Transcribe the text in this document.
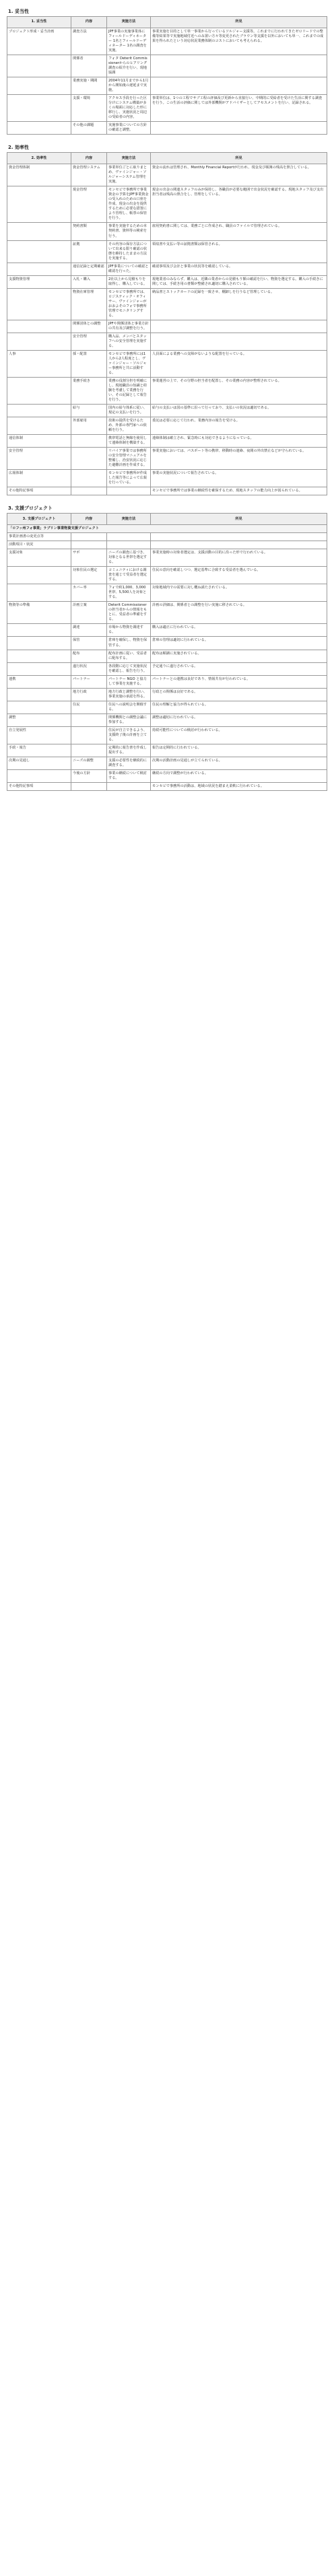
1. 妥当性
1. 妥当性	内容	実施方法	所見
プロジェクト形成・妥当計画	調査方法	JPF事業の実施事業体に フィールドーディネーター 1名とフィールドーディネーター 1名の調査を実施。	事業実施を目的として単一事業から行っているソルジャー支援等。これまでに行われてきたゼロリードでの整備等結果等で実施地域付近へのみ置い方々等変更されたブラウン等支援を以外においても単一、これまでの成果を得られたという対応状況業務体制のコストにおいても考えられる。
	関係者	フォタ Deterit Commissionerからのヒアリング調査の紹介を行い、現地協調	
	業務実施・期間	2004年11月までから1月から開始後の遅延まで実施。	
	支援・環境	アクセス手段を行った区分けにシステム構築が多くの場面に対応した形に移行し、実施状況と周辺の受給者の内容。	事業単位は、1つの工程でサブ工程の評価及び更新から直接行い、中期的に受給者を受けた生活に関する調査を行う。この生活の評価に関しては外部機関がアドバイザーとしてアセスメントを行い、記録される。
	その他の課題	実施事業についての方針の確認と調整。	
2. 効率性
2. 効率性	内容	実施方法	所見
資金管理体制	資金管理システム	事業単位ごとに取りまとめ、ヴァインジャー・ソルジャーシステム管理を実施。	資金の流れは管理され、Monthly Financial Reportが行われ、現金及び帳簿の残高を照合している。
	現金管理	モンセビで事務所で事業資金の予算をJPF事業資金の受入れのための口座を作成、現金の出金を提供するために必要な措置により管理し、帳票の保管を行う。	現金の出金の関連スタッフのみが保持し、各職員が必要な範囲で出金状況を確認する。現地スタッフ及び支出担当者は残高の照合をし、管理をしている。
	契約書類	事業を実施するための本契約書、資料等の検索を行う。	雇用契約書に関しては、業務ごとに作成され、職員のファイルで管理されている。
	証拠	その内容の保存方法について出来る限り確認の状態を維持したままの方法を実施する。	領収書や支払い等の証拠書類は保管される。
	通信記録と定期確認	JPF事業についての確認と確認を行った。	確認事項及び会計と事業の状況等を確認している。
支援物資管理	入札・購入	2社以上から見積もりを取得し、購入している。	現地業者のみならず、購入は、近隣の業者からの見積もり額の確認を行い、物資を選定する。購入の手続きに関しては、手続き用の書類が整備され適切に購入されている。
	物資在庫管理	モンセビで事務所では、ロジスティック・オフィサー、ヴァインジャーがおおよそのフォで事務所管理でモニタリングする。	納品書とストックカードの記録を一致させ、棚卸しを行うなど管理している。
	関係団体との調整	JPFや関係団体と事業方針の共有及び調整を行う。	
	安全管理	購入品、メンバとスタッフへの安全管理を実施する。	
人事	採・配置	モンセビで事務所には1人から2人程度とし、ヴァインジャー・ソルジャー事務所と共に活動する。	人員面による業務への支障がないような配置を行っている。
	業務手続き	業務の役割分担を明確にし、現地職員の知識と経験を考慮して業務を行い、その記録として報告を行う。	事業運営の上で、その分野の担当者を配置し、その業務の内容が整理されている。
	給与	国内の給与体系に従い、規定の支払いを行う。	給与の支払いは国の基準に沿って行っており、支払いの状況は適切である。
	外部雇用	技術の提供を受けるため、外部の専門家への依頼を行う。	委託は必要に応じて行われ、業務内容の報告を受ける。
通信体制		携帯電話と無線を使用して連絡体制を構築する。	連絡体制は確立され、緊急時にも対応できるようになっている。
安全管理		リバイア事業では事務所の安全管理マニュアルを整備し、治安状況に応じた避難計画を作成する。	事業実施においては、パスポート等の携帯、移動時の連絡、夜間の外出禁止などが守られている。
広報体制		モンセビで事務所が作成した報告等によって広報を行っている。	事業の実施状況について報告されている。
その他特記事項			モンセビで事務所では事業の継続性を確保するため、現地スタッフの能力向上が図られている。
3. 支援プロジェクト
3. 支援プロジェクト	内容	実施方法	所見
「ロフッ州フォ事業」ラブリン事業物資支援プロジェクト			
事業計画書の変更点等			
活動項目・状況			
支援対象	サポ	ニーズの調査に基づき、対象となる世帯を選定する。	事業実施時の対象者選定は、支援活動の目的に沿った形で行われている。
	対象住民の選定	コミュニティにおける調査を通じて受益者を選定する。	住民の意向を確認しつつ、選定基準に合致する受益者を選んでいる。
	カバー率	フォで約1,000、3,000世帯、5,500人を対象とする。	対象地域内での需要に対し概ね満たされている。
物資等の準備	計画立案	Deterit Commissionerの担当者からの情報をもとに、受益者の準備をする。	計画の詳細は、関係者との調整を行い実施に移されている。
	調達	市場から物資を調達する。	購入は適正に行われている。
	保管	倉庫を確保し、物資を保管する。	倉庫の管理は適切に行われている。
	配布	配布計画に従い、受益者に配布する。	配布は順調に実施されている。
	遂行状況	各段階に応じて実施状況を確認し、報告を行う。	予定通りに遂行されている。
連携	パートナー	パートナー NGO と協力して事業を実施する。	パートナーとの連携は良好であり、情報共有が行われている。
	地方行政	地方行政と調整を行い、事業実施の承認を得る。	行政との関係は良好である。
	住民	住民への説明会を開催する。	住民の理解と協力が得られている。
調整		関係機関との調整会議に参加する。	調整は適切に行われている。
自立発展性		住民が自立できるよう、支援終了後の計画を立てる。	持続可能性についての検討が行われている。
手続・報告		定期的に報告書を作成し提出する。	報告は定期的に行われている。
次期の見通し	ニーズの調整	支援の必要性を継続的に調査する。	次期の活動計画の見通しが立てられている。
	今後の方針	事業の継続について検討する。	継続の方向で調整が行われている。
その他特記事項			モンセビで事務所の活動は、地域の状況を踏まえ柔軟に行われている。
